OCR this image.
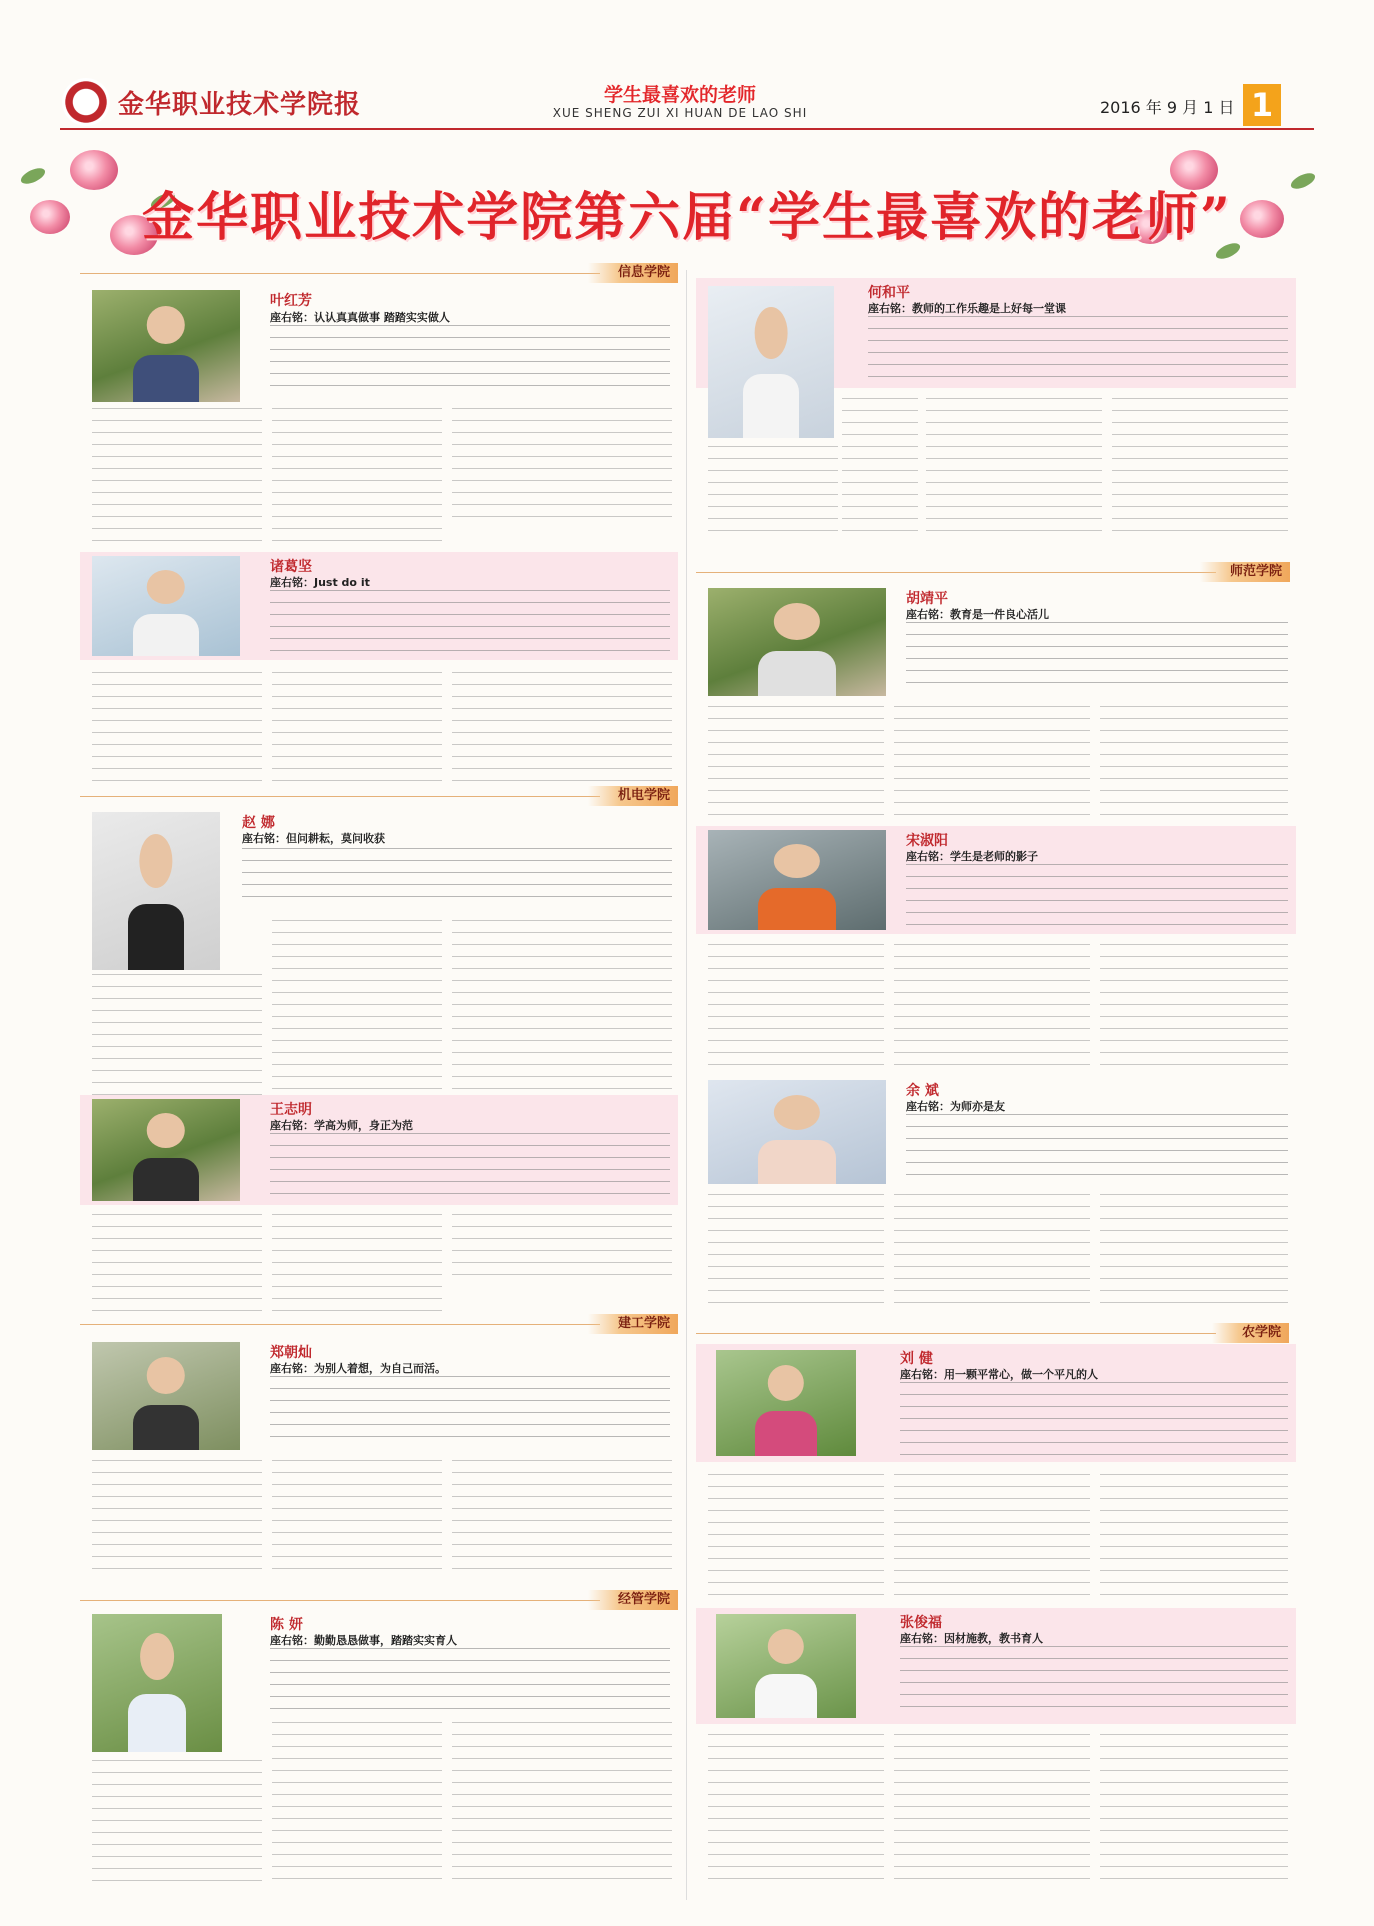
金华职业技术学院报	学生最喜欢的老师
XUE SHENG ZUI XI HUAN DE LAO SHI	2016 年 9 月 1 日 1
金华职业技术学院第六届“学生最喜欢的老师”
信息学院
叶红芳
座右铭：认认真真做事 踏踏实实做人
诸葛坚
座右铭：Just do it
机电学院
赵 娜
座右铭：但问耕耘，莫问收获
王志明
座右铭：学高为师，身正为范
建工学院
郑朝灿
座右铭：为别人着想，为自己而活。
经管学院
陈 妍
座右铭：勤勤恳恳做事，踏踏实实育人
何和平
座右铭：教师的工作乐趣是上好每一堂课
师范学院
胡靖平
座右铭：教育是一件良心活儿
宋淑阳
座右铭：学生是老师的影子
余 斌
座右铭：为师亦是友
农学院
刘 健
座右铭：用一颗平常心，做一个平凡的人
张俊福
座右铭：因材施教，教书育人
